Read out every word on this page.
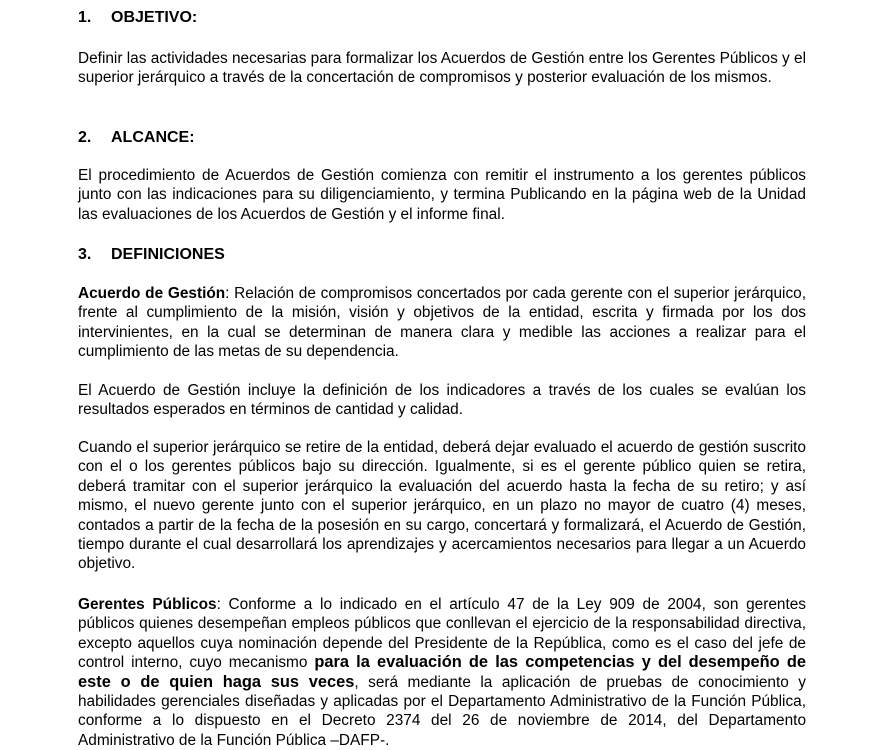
1. OBJETIVO:

Definir las actividades necesarias para formalizar los Acuerdos de Gestión entre los Gerentes Públicos y el superior jerárquico a través de la concertación de compromisos y posterior evaluación de los mismos.

2. ALCANCE:

El procedimiento de Acuerdos de Gestión comienza con remitir el instrumento a los gerentes públicos junto con las indicaciones para su diligenciamiento, y termina Publicando en la página web de la Unidad las evaluaciones de los Acuerdos de Gestión y el informe final.

3. DEFINICIONES

Acuerdo de Gestión: Relación de compromisos concertados por cada gerente con el superior jerárquico, frente al cumplimiento de la misión, visión y objetivos de la entidad, escrita y firmada por los dos intervinientes, en la cual se determinan de manera clara y medible las acciones a realizar para el cumplimiento de las metas de su dependencia.

El Acuerdo de Gestión incluye la definición de los indicadores a través de los cuales se evalúan los resultados esperados en términos de cantidad y calidad.

Cuando el superior jerárquico se retire de la entidad, deberá dejar evaluado el acuerdo de gestión suscrito con el o los gerentes públicos bajo su dirección. Igualmente, si es el gerente público quien se retira, deberá tramitar con el superior jerárquico la evaluación del acuerdo hasta la fecha de su retiro; y así mismo, el nuevo gerente junto con el superior jerárquico, en un plazo no mayor de cuatro (4) meses, contados a partir de la fecha de la posesión en su cargo, concertará y formalizará, el Acuerdo de Gestión, tiempo durante el cual desarrollará los aprendizajes y acercamientos necesarios para llegar a un Acuerdo objetivo.

Gerentes Públicos: Conforme a lo indicado en el artículo 47 de la Ley 909 de 2004, son gerentes públicos quienes desempeñan empleos públicos que conllevan el ejercicio de la responsabilidad directiva, excepto aquellos cuya nominación depende del Presidente de la República, como es el caso del jefe de control interno, cuyo mecanismo para la evaluación de las competencias y del desempeño de este o de quien haga sus veces, será mediante la aplicación de pruebas de conocimiento y habilidades gerenciales diseñadas y aplicadas por el Departamento Administrativo de la Función Pública, conforme a lo dispuesto en el Decreto 2374 del 26 de noviembre de 2014, del Departamento Administrativo de la Función Pública –DAFP-.
